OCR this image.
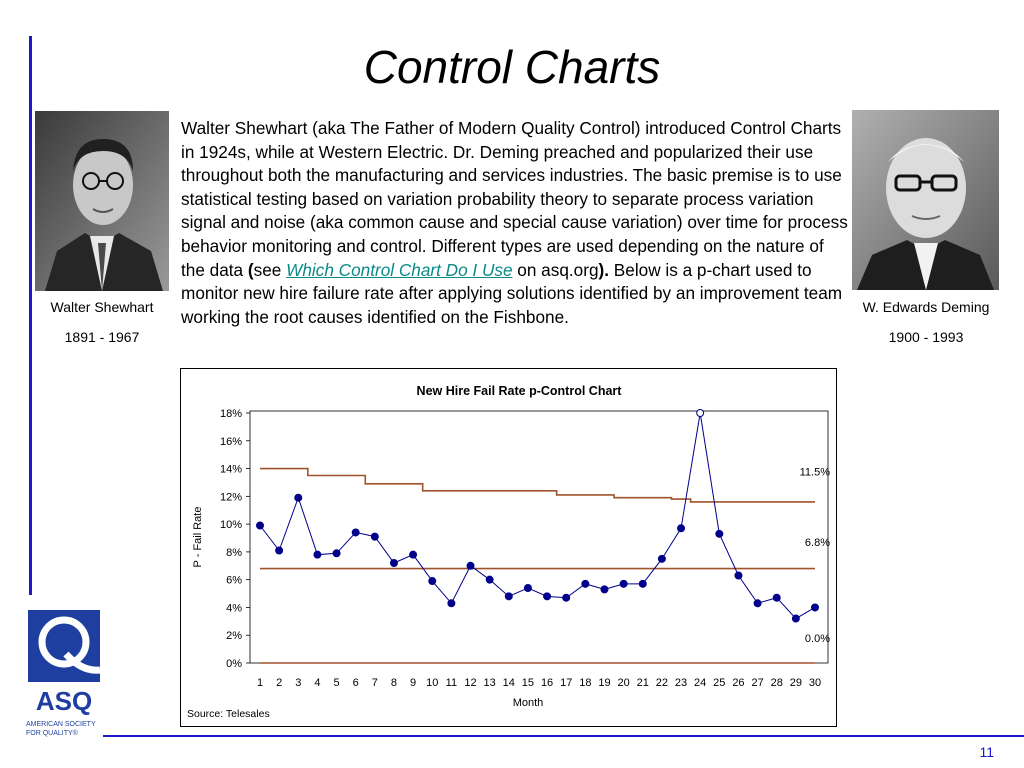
Control Charts
Walter Shewhart
1891 - 1967
W. Edwards Deming
1900 - 1993
Walter Shewhart (aka The Father of Modern Quality Control) introduced Control Charts in 1924s, while at Western Electric. Dr. Deming preached and popularized their use throughout both the manufacturing and services industries. The basic premise is to use statistical testing based on variation probability theory to separate process variation signal and noise (aka common cause and special cause variation) over time for process behavior monitoring and control. Different types are used depending on the nature of the data (see Which Control Chart Do I Use on asq.org). Below is a p-chart used to monitor new hire failure rate after applying solutions identified by an improvement team working the root causes identified on the Fishbone.
New Hire Fail Rate p-Control Chart
0%
2%
4%
6%
8%
10%
12%
14%
16%
18%
1 2 3 4 5 6 7 8 9 10 11 12 13 14 15 16 17 18 19 20 21 22 23 24 25 26 27 28 29 30
11.5%
6.8%
0.0%
P - Fail Rate
Month
Source: Telesales
ASQ
AMERICAN SOCIETY
FOR QUALITY®
11
